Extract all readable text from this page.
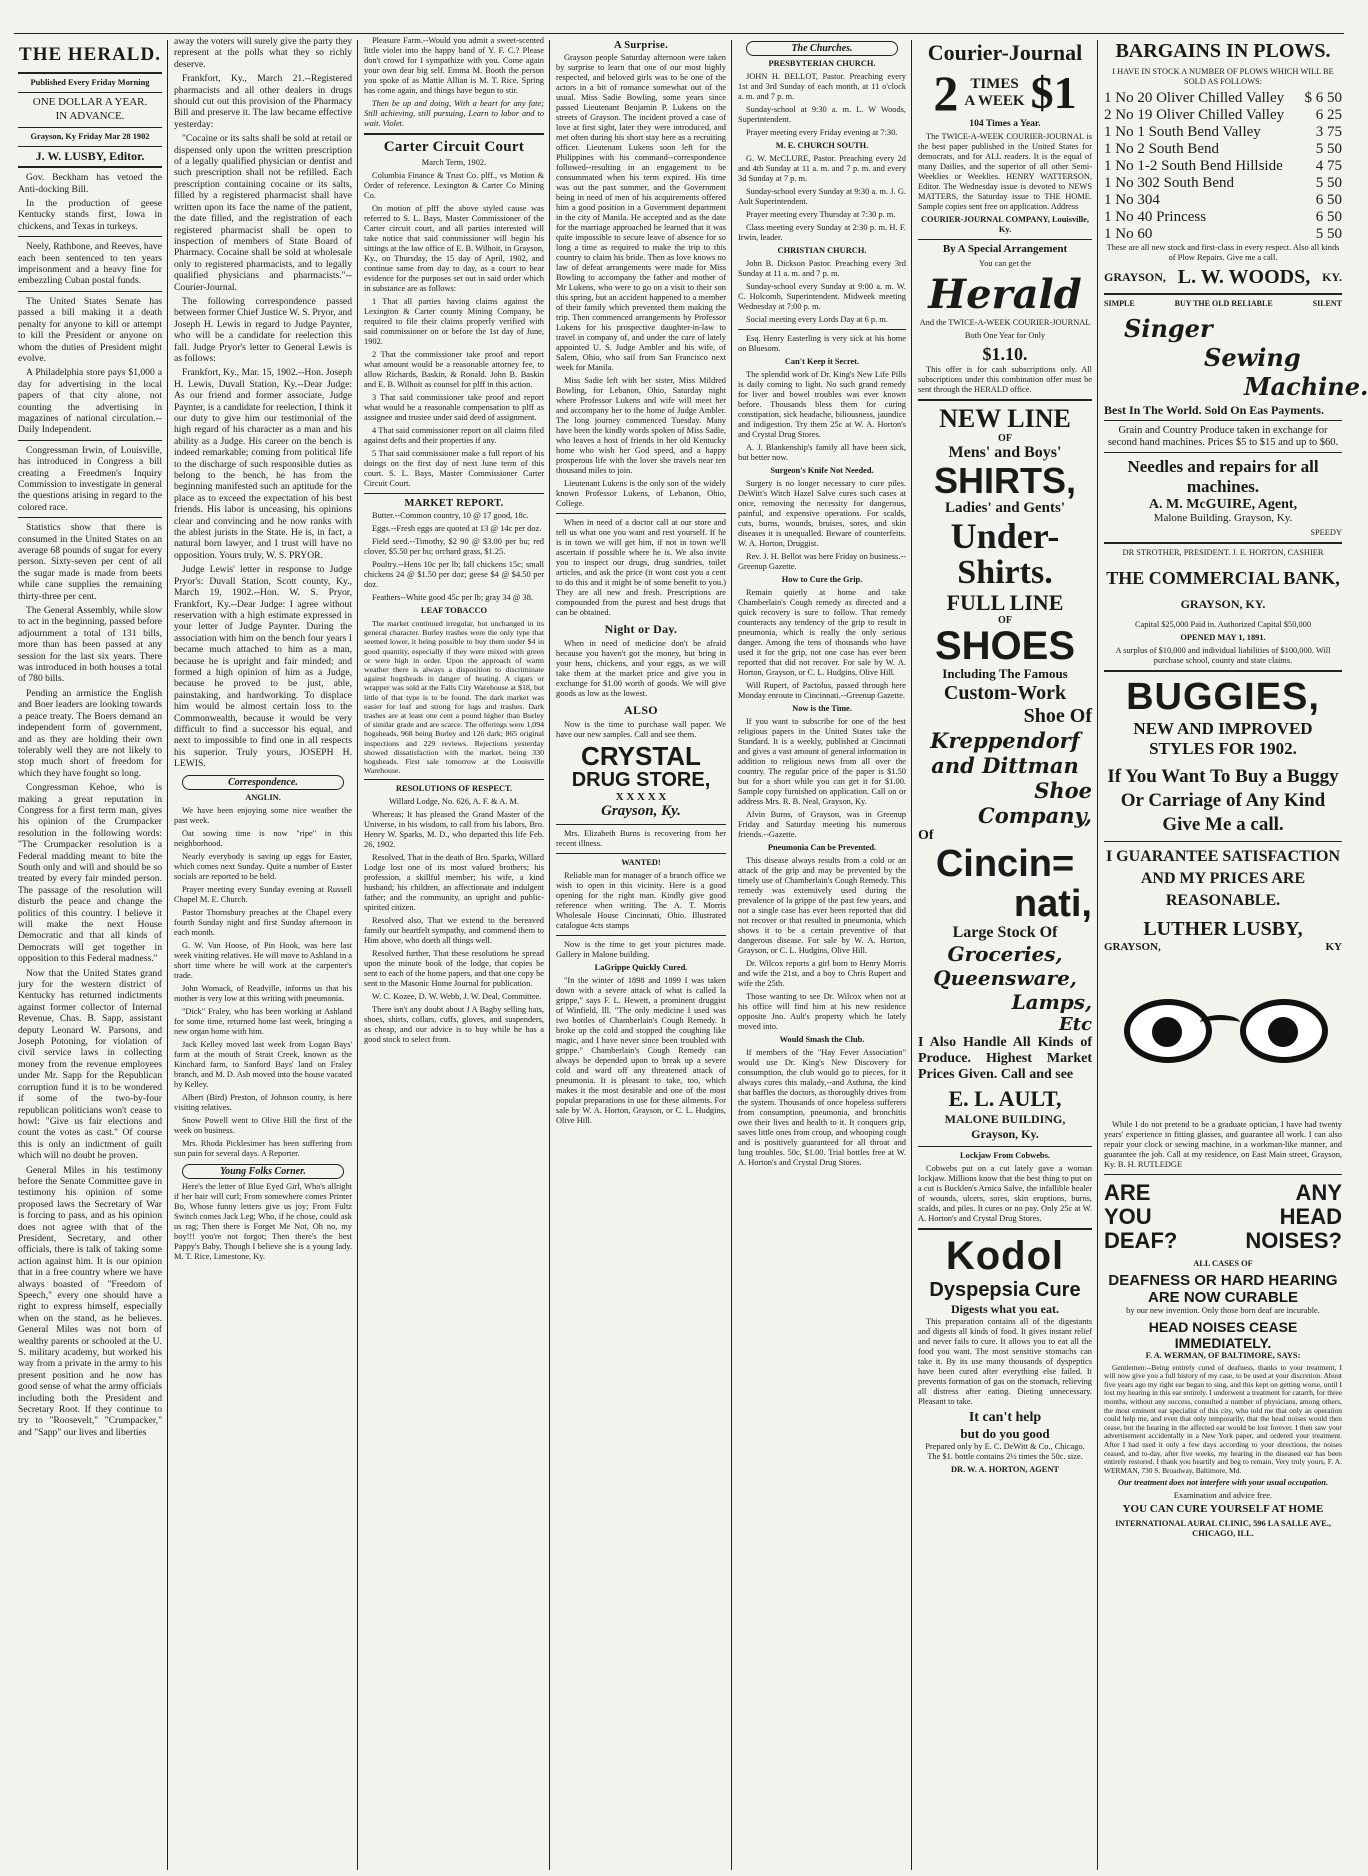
THE HERALD.

Published Every Friday Morning

ONE DOLLAR A YEAR.

IN ADVANCE.

Grayson, Ky Friday Mar 28 1902

J. W. LUSBY, Editor.

Gov. Beckham has vetoed the Anti-docking Bill.

In the production of geese Kentucky stands first, Iowa in chickens, and Texas in turkeys.

Neely, Rathbone, and Reeves, have each been sentenced to ten years imprisonment and a heavy fine for embezzling Cuban postal funds.

The United States Senate has passed a bill making it a death penalty for anyone to kill or attempt to kill the President or anyone on whom the duties of President might evolve.

A Philadelphia store pays $1,000 a day for advertising in the local papers of that city alone, not counting the advertising in magazines of national circulation.--Daily Independent.

Congressman Irwin, of Louisville, has introduced in Congress a bill creating a Freedmen's Inquiry Commission to investigate in general the questions arising in regard to the colored race.

Statistics show that there is consumed in the United States on an average 68 pounds of sugar for every person. Sixty-seven per cent of all the sugar made is made from beets while cane supplies the remaining thirty-three per cent.

The General Assembly, while slow to act in the beginning, passed before adjournment a total of 131 bills, more than has been passed at any session for the last six years. There was introduced in both houses a total of 780 bills.

Pending an armistice the English and Boer leaders are looking towards a peace treaty. The Boers demand an independent form of government, and as they are holding their own tolerably well they are not likely to stop much short of freedom for which they have fought so long.

Congressman Kehoe, who is making a great reputation in Congress for a first term man, gives his opinion of the Crumpacker resolution in the following words: "The Crumpacker resolution is a Federal madding meant to bite the South only and will and should be so treated by every fair minded person. The passage of the resolution will disturb the peace and change the politics of this country. I believe it will make the next House Democratic and that all kinds of Democrats will get together in opposition to this Federal madness."

Now that the United States grand jury for the western district of Kentucky has returned indictments against former collector of Internal Revenue, Chas. B. Sapp, assistant deputy Leonard W. Parsons, and Joseph Potoning, for violation of civil service laws in collecting money from the revenue employees under Mr. Sapp for the Republican corruption fund it is to be wondered if some of the two-by-four republican politicians won't cease to howl: "Give us fair elections and count the votes as cast." Of course this is only an indictment of guilt which will no doubt be proven.

General Miles in his testimony before the Senate Committee gave in testimony his opinion of some proposed laws the Secretary of War is forcing to pass, and as his opinion does not agree with that of the President, Secretary, and other officials, there is talk of taking some action against him. It is our opinion that in a free country where we have always boasted of "Freedom of Speech," every one should have a right to express himself, especially when on the stand, as he believes. General Miles was not born of wealthy parents or schooled at the U. S. military academy, but worked his way from a private in the army to his present position and he now has good sense of what the army officials including both the President and Secretary Root. If they continue to try to "Roosevelt," "Crumpacker," and "Sapp" our lives and liberties

away the voters will surely give the party they represent at the polls what they so richly deserve.

Frankfort, Ky., March 21.--Registered pharmacists and all other dealers in drugs should cut out this provision of the Pharmacy Bill and preserve it. The law became effective yesterday:

"Cocaine or its salts shall be sold at retail or dispensed only upon the written prescription of a legally qualified physician or dentist and such prescription shall not be refilled. Each prescription containing cocaine or its salts, filled by a registered pharmacist shall have written upon its face the name of the patient, the date filled, and the registration of each registered pharmacist shall be open to inspection of members of State Board of Pharmacy. Cocaine shall be sold at wholesale only to registered pharmacists, and to legally qualified physicians and pharmacists."--Courier-Journal.

The following correspondence passed between former Chief Justice W. S. Pryor, and Joseph H. Lewis in regard to Judge Paynter, who will be a candidate for reelection this fall. Judge Pryor's letter to General Lewis is as follows:

Frankfort, Ky., Mar. 15, 1902.--Hon. Joseph H. Lewis, Duvall Station, Ky.--Dear Judge: As our friend and former associate, Judge Paynter, is a candidate for reelection, I think it our duty to give him our testimonial of the high regard of his character as a man and his ability as a Judge. His career on the bench is indeed remarkable; coming from political life to the discharge of such responsible duties as belong to the bench, he has from the beginning manifested such an aptitude for the place as to exceed the expectation of his best friends. His labor is unceasing, his opinions clear and convincing and he now ranks with the ablest jurists in the State. He is, in fact, a natural born lawyer, and I trust will have no opposition. Yours truly, W. S. PRYOR.

Judge Lewis' letter in response to Judge Pryor's: Duvall Station, Scott county, Ky., March 19, 1902.--Hon. W. S. Pryor, Frankfort, Ky.--Dear Judge: I agree without reservation with a high estimate expressed in your letter of Judge Paynter. During the association with him on the bench four years I became much attached to him as a man, because he is upright and fair minded; and formed a high opinion of him as a Judge, because he proved to be just, able, painstaking, and hardworking. To displace him would be almost certain loss to the Commonwealth, because it would be very difficult to find a successor his equal, and next to impossible to find one in all respects his superior. Truly yours, JOSEPH H. LEWIS.

Correspondence.

ANGLIN.

We have been enjoying some nice weather the past week.

Oat sowing time is now "ripe" in this neighborhood.

Nearly everybody is saving up eggs for Easter, which comes next Sunday. Quite a number of Easter socials are reported to be held.

Prayer meeting every Sunday evening at Russell Chapel M. E. Church.

Pastor Thornsbury preaches at the Chapel every fourth Sunday night and first Sunday afternoon in each month.

G. W. Van Hoose, of Pin Hook, was here last week visiting relatives. He will move to Ashland in a short time where he will work at the carpenter's trade.

John Womack, of Readville, informs us that his mother is very low at this writing with pneumonia.

"Dick" Fraley, who has been working at Ashland for some time, returned home last week, bringing a new organ home with him.

Jack Kelley moved last week from Logan Bays' farm at the mouth of Strait Creek, known as the Kinchard farm, to Sanford Bays' land on Fraley branch, and M. D. Ash moved into the house vacated by Kelley.

Albert (Bird) Preston, of Johnson county, is here visiting relatives.

Snow Powell went to Olive Hill the first of the week on business.

Mrs. Rhoda Picklesimer has been suffering from sun pain for several days. A Reporter.

Young Folks Corner.

Here's the letter of Blue Eyed Girl, Who's allright if her hair will curl; From somewhere comes Printer Bo, Whose funny letters give us joy; From Fultz Switch comes Jack Leg; Who, if he chose, could ask us rag; Then there is Forget Me Not, Oh no, my boy!!! you're not forgot; Then there's the best Pappy's Baby, Though I believe she is a young lady. M. T. Rice, Limestone, Ky.

Pleasure Farm.--Would you admit a sweet-scented little violet into the happy band of Y. F. C.? Please don't crowd for I sympathize with you. Come again your own dear big self. Emma M. Booth the person you spoke of as Mattie Allian is M. T. Rice. Spring has come again, and things have begun to stir.

Then be up and doing, With a heart for any fate; Still achieving, still pursuing, Learn to labor and to wait. Violet.

Carter Circuit Court

March Term, 1902.

Columbia Finance & Trust Co. plff., vs Motion & Order of reference. Lexington & Carter Co Mining Co.

On motion of plff the above styled cause was referred to S. L. Bays, Master Commissioner of the Carter circuit court, and all parties interested will take notice that said commissioner will begin his sittings at the law office of E. B. Wilhoit, in Grayson, Ky., on Thursday, the 15 day of April, 1902, and continue same from day to day, as a court to hear evidence for the purposes set out in said order which in substance are as follows:

1 That all parties having claims against the Lexington & Carter county Mining Company, be required to file their claims properly verified with said commissioner on or before the 1st day of June, 1902.

2 That the commissioner take proof and report what amount would be a reasonable attorney fee, to allow Richards, Baskin, & Ronald. John B. Baskin and E. B. Wilhoit as counsel for plff in this action.

3 That said commissioner take proof and report what would be a reasonable compensation to plff as assignee and trustee under said deed of assignment.

4 That said commissioner report on all claims filed against defts and their properties if any.

5 That said commissioner make a full report of his doings on the first day of next June term of this court. S. L. Bays, Master Commissioner Carter Circuit Court.

MARKET REPORT.

Butter.--Common country, 10 @ 17 good, 18c.

Eggs.--Fresh eggs are quoted at 13 @ 14c per doz.

Field seed.--Timothy, $2 90 @ $3.00 per bu; red clover, $5.50 per bu; orchard grass, $1.25.

Poultry.--Hens 10c per lb; fall chickens 15c; small chickens 24 @ $1.50 per doz; geese $4 @ $4.50 per doz.

Feathers--White good 45c per lb; gray 34 @ 38.

LEAF TOBACCO

The market continued irregular, but unchanged in its general character. Burley trashes were the only type that seemed lower, it being possible to buy them under $4 in good quantity, especially if they were mixed with green or were high in order. Upon the approach of warm weather there is always a disposition to discriminate against hogsheads in danger of heating. A cigars or wrapper was sold at the Falls City Warehouse at $18, but little of that type is to be found. The dark market was easier for leaf and strong for lugs and trashes. Dark trashes are at least one cent a pound higher than Burley of similar grade and are scarce. The offerings were 1,094 hogsheads, 968 being Burley and 126 dark; 865 original inspections and 229 reviews. Rejections yesterday showed dissatisfaction with the market, being 330 hogsheads. First sale tomorrow at the Louisville Warehouse.

RESOLUTIONS OF RESPECT.

Willard Lodge, No. 626, A. F. & A. M.

Whereas; It has pleased the Grand Master of the Universe, in his wisdom, to call from his labors, Bro. Henry W. Sparks, M. D., who departed this life Feb. 26, 1902.

Resolved, That in the death of Bro. Sparks, Willard Lodge lost one of its most valued brothers; his profession, a skillful member; his wife, a kind husband; his children, an affectionate and indulgent father; and the community, an upright and public-spirited citizen.

Resolved also, That we extend to the bereaved family our heartfelt sympathy, and commend them to Him above, who doeth all things well.

Resolved further, That these resolutions be spread upon the minute book of the lodge, that copies be sent to each of the home papers, and that one copy be sent to the Masonic Home Journal for publication.

W. C. Kozee, D. W. Webb, J. W. Deal, Committee.

There isn't any doubt about J A Bagby selling hats, shoes, shirts, collars, cuffs, gloves, and suspenders, as cheap, and our advice is to buy while he has a good stock to select from.

A Surprise.

Grayson people Saturday afternoon were taken by surprise to learn that one of our most highly respected, and beloved girls was to be one of the actors in a bit of romance somewhat out of the usual. Miss Sadie Bowling, some years since passed Lieutenant Benjamin P. Lukens on the streets of Grayson. The incident proved a case of love at first sight, later they were introduced, and met often during his short stay here as a recruiting officer. Lieutenant Lukens soon left for the Philippines with his command--correspondence followed--resulting in an engagement to be consummated when his term expired. His time was out the past summer, and the Government being in need of men of his acquirements offered him a good position in a Government department in the city of Manila. He accepted and as the date for the marriage approached he learned that it was quite impossible to secure leave of absence for so long a time as required to make the trip to this country to claim his bride. Then as love knows no law of defeat arrangements were made for Miss Bowling to accompany the father and mother of Mr Lukens, who were to go on a visit to their son this spring, but an accident happened to a member of their family which prevented them making the trip. Then commenced arrangements by Professor Lukens for his prospective daughter-in-law to travel in company of, and under the care of lately appointed U. S. Judge Ambler and his wife, of Salem, Ohio, who sail from San Francisco next week for Manila.

Miss Sadie left with her sister, Miss Mildred Bowling, for Lebanon, Ohio, Saturday night where Professor Lukens and wife will meet her and accompany her to the home of Judge Ambler. The long journey commenced Tuesday. Many have been the kindly words spoken of Miss Sadie, who leaves a host of friends in her old Kentucky home who wish her God speed, and a happy prosperous life with the lover she travels near ten thousand miles to join.

Lieutenant Lukens is the only son of the widely known Professor Lukens, of Lebanon, Ohio, College.

When in need of a doctor call at our store and tell us what one you want and rest yourself. If he is in town we will get him, if not in town we'll ascertain if possible where he is. We also invite you to inspect our drugs, drug sundries, toilet articles, and ask the price (it wont cost you a cent to do this and it might be of some benefit to you.) They are all new and fresh. Prescriptions are compounded from the purest and best drugs that can be obtained.

Night or Day.

When in need of medicine don't be afraid because you haven't got the money, but bring in your hens, chickens, and your eggs, as we will take them at the market price and give you in exchange for $1.00 worth of goods. We will give goods as low as the lowest.

ALSO

Now is the time to purchase wall paper. We have our new samples. Call and see them.

CRYSTAL
DRUG STORE,
X X X X X
Grayson, Ky.

Mrs. Elizabeth Burns is recovering from her recent illness.

WANTED!

Reliable man for manager of a branch office we wish to open in this vicinity. Here is a good opening for the right man. Kindly give good reference when writing. The A. T. Morris Wholesale House Cincinnati, Ohio. Illustrated catalogue 4cts stamps

Now is the time to get your pictures made. Gallery in Malone building.

LaGrippe Quickly Cured.

"In the winter of 1898 and 1899 I was taken down with a severe attack of what is called la grippe," says F. L. Hewett, a prominent druggist of Winfield, Ill. "The only medicine I used was two bottles of Chamberlain's Cough Remedy. It broke up the cold and stopped the coughing like magic, and I have never since been troubled with grippe." Chamberlain's Cough Remedy can always be depended upon to break up a severe cold and ward off any threatened attack of pneumonia. It is pleasant to take, too, which makes it the most desirable and one of the most popular preparations in use for these ailments. For sale by W. A. Horton, Grayson, or C. L. Hudgins, Olive Hill.

The Churches.

PRESBYTERIAN CHURCH.

JOHN H. BELLOT, Pastor. Preaching every 1st and 3rd Sunday of each month, at 11 o'clock a. m. and 7 p. m.

Sunday-school at 9:30 a. m. L. W Woods, Superintendent.

Prayer meeting every Friday evening at 7:30.

M. E. CHURCH SOUTH.

G. W. McCLURE, Pastor. Preaching every 2d and 4th Sunday at 11 a. m. and 7 p. m. and every 3d Sunday at 7 p. m.

Sunday-school every Sunday at 9:30 a. m. J. G. Ault Superintendent.

Prayer meeting every Thursday at 7:30 p. m.

Class meeting every Sunday at 2:30 p. m. H. F. Irwin, leader.

CHRISTIAN CHURCH.

John B. Dickson Pastor. Preaching every 3rd Sunday at 11 a. m. and 7 p. m.

Sunday-school every Sunday at 9:00 a. m. W. C. Holcomb, Superintendent. Midweek meeting Wednesday at 7:00 p. m.

Social meeting every Lords Day at 6 p. m.

Esq. Henry Easterling is very sick at his home on Bluesom.

Can't Keep it Secret.

The splendid work of Dr. King's New Life Pills is daily coming to light. No such grand remedy for liver and bowel troubles was ever known before. Thousands bless them for curing constipation, sick headache, biliousness, jaundice and indigestion. Try them 25c at W. A. Horton's and Crystal Drug Stores.

A. J. Blankenship's family all have been sick, but better now.

Surgeon's Knife Not Needed.

Surgery is no longer necessary to cure piles. DeWitt's Witch Hazel Salve cures such cases at once, removing the necessity for dangerous, painful, and expensive operations. For scalds, cuts, burns, wounds, bruises, sores, and skin diseases it is unequalled. Beware of counterfeits. W. A. Horton, Druggist.

Rev. J. H. Bellot was here Friday on business.--Greenup Gazette.

How to Cure the Grip.

Remain quietly at home and take Chamberlain's Cough remedy as directed and a quick recovery is sure to follow. That remedy counteracts any tendency of the grip to result in pneumonia, which is really the only serious danger. Among the tens of thousands who have used it for the grip, not one case has ever been reported that did not recover. For sale by W. A. Horton, Grayson, or C. L. Hudgins, Olive Hill.

Will Rupert, of Pactolus, passed through here Monday enroute to Cincinnati.--Greenup Gazette.

Now is the Time.

If you want to subscribe for one of the best religious papers in the United States take the Standard. It is a weekly, published at Cincinnati and gives a vast amount of general information in addition to religious news from all over the country. The regular price of the paper is $1.50 but for a short while you can get it for $1.00. Sample copy furnished on application. Call on or address Mrs. R. B. Neal, Grayson, Ky.

Alvin Burns, of Grayson, was in Greenup Friday and Saturday meeting his numerous friends.--Gazette.

Pneumonia Can be Prevented.

This disease always results from a cold or an attack of the grip and may be prevented by the timely use of Chamberlain's Cough Remedy. This remedy was extensively used during the prevalence of la grippe of the past few years, and not a single case has ever been reported that did not recover or that resulted in pneumonia, which shows it to be a certain preventive of that dangerous disease. For sale by W. A. Horton, Grayson, or C. L. Hudgins, Olive Hill.

Dr. Wilcox reports a girl born to Henry Morris and wife the 21st, and a boy to Chris Rupert and wife the 25th.

Those wanting to see Dr. Wilcox when not at his office will find him at his new residence opposite Jno. Ault's property which he lately moved into.

Would Smash the Club.

If members of the "Hay Fever Association" would use Dr. King's New Discovery for consumption, the club would go to pieces, for it always cures this malady,--and Asthma, the kind that baffles the doctors, as thoroughly drives from the system. Thousands of once hopeless sufferers from consumption, pneumonia, and bronchitis owe their lives and health to it. It conquers grip, saves little ones from croup, and whooping cough and is positively guaranteed for all throat and lung troubles. 50c, $1.00. Trial bottles free at W. A. Horton's and Crystal Drug Stores.

Courier-Journal
2 TIMES
A WEEK $1

104 Times a Year.

The TWICE-A-WEEK COURIER-JOURNAL is the best paper published in the United States for democrats, and for ALL readers. It is the equal of many Dailies, and the superior of all other Semi-Weeklies or Weeklies. HENRY WATTERSON, Editor. The Wednesday issue is devoted to NEWS MATTERS, the Saturday issue to THE HOME. Sample copies sent free on application. Address

COURIER-JOURNAL COMPANY, Louisville, Ky.

By A Special Arrangement

You can get the

Herald

And the TWICE-A-WEEK COURIER-JOURNAL

Both One Year for Only

$1.10.

This offer is for cash subscriptions only. All subscriptions under this combination offer must be sent through the HERALD office.

NEW LINE
OF
Mens' and Boys'
SHIRTS,
Ladies' and Gents'
Under-
Shirts.
FULL LINE
OF
SHOES
Including The Famous
Custom-Work
Shoe Of
Kreppendorf
and Dittman
Shoe
Company,
Of
Cincin=
nati,
Large Stock Of
Groceries,
Queensware,
Lamps,
Etc

I Also Handle All Kinds of Produce. Highest Market Prices Given. Call and see

E. L. AULT,
MALONE BUILDING,
Grayson, Ky.

Lockjaw From Cobwebs.

Cobwebs put on a cut lately gave a woman lockjaw. Millions know that the best thing to put on a cut is Bucklen's Arnica Salve, the infallible healer of wounds, ulcers, sores, skin eruptions, burns, scalds, and piles. It cures or no pay. Only 25c at W. A. Horton's and Crystal Drug Stores.

Kodol
Dyspepsia Cure
Digests what you eat.

This preparation contains all of the digestants and digests all kinds of food. It gives instant relief and never fails to cure. It allows you to eat all the food you want. The most sensitive stomachs can take it. By its use many thousands of dyspeptics have been cured after everything else failed. It prevents formation of gas on the stomach, relieving all distress after eating. Dieting unnecessary. Pleasant to take.

It can't help
but do you good

Prepared only by E. C. DeWitt & Co., Chicago. The $1. bottle contains 2½ times the 50c. size.

DR. W. A. HORTON, AGENT

BARGAINS IN PLOWS.

I HAVE IN STOCK A NUMBER OF PLOWS WHICH WILL BE SOLD AS FOLLOWS:

1 No 20 Oliver Chilled Valley $ 6 50
2 No 19 Oliver Chilled Valley 6 25
1 No 1 South Bend Valley	3 75
1 No 2 South Bend	5 50
1 No 1-2 South Bend Hillside 4 75
1 No 302 South Bend	5 50
1 No 304	6 50
1 No 40 Princess	6 50
1 No 60	5 50

These are all new stock and first-class in every respect. Also all kinds of Plow Repairs. Give me a call.

GRAYSON, L. W. WOODS, KY.
SIMPLE	BUY THE OLD RELIABLE	SILENT
Singer
Sewing
Machine.

Best In The World. Sold On Eas Payments.

Grain and Country Produce taken in exchange for second hand machines. Prices $5 to $15 and up to $60.

Needles and repairs for all machines.
A. M. McGUIRE, Agent,

Malone Building. Grayson, Ky.

SPEEDY

DR STROTHER, PRESIDENT. J. E. HORTON, CASHIER

THE COMMERCIAL BANK,
GRAYSON, KY.

Capital $25,000 Paid in. Authorized Capital $50,000

OPENED MAY 1, 1891.

A surplus of $10,000 and individual liabilities of $100,000. Will purchase school, county and state claims.

BUGGIES,
NEW AND IMPROVED STYLES FOR 1902.
If You Want To Buy a Buggy
Or Carriage of Any Kind
Give Me a call.
I GUARANTEE SATISFACTION AND MY PRICES ARE REASONABLE.
LUTHER LUSBY,
GRAYSON,	KY

While I do not pretend to be a graduate optician, I have had twenty years' experience in fitting glasses, and guarantee all work. I can also repair your clock or sewing machine, in a workman-like manner, and guarantee the job. Call at my residence, on East Main street, Grayson, Ky. B. H. RUTLEDGE

ARE YOU DEAF?
ANY HEAD NOISES?

ALL CASES OF

DEAFNESS OR HARD HEARING ARE NOW CURABLE

by our new invention. Only those born deaf are incurable.

HEAD NOISES CEASE IMMEDIATELY.

F. A. WERMAN, OF BALTIMORE, SAYS:

Gentlemen:--Being entirely cured of deafness, thanks to your treatment, I will now give you a full history of my case, to be used at your discretion. About five years ago my right ear began to sing, and this kept on getting worse, until I lost my hearing in this ear entirely. I underwent a treatment for catarrh, for three months, without any success, consulted a number of physicians, among others, the most eminent ear specialist of this city, who told me that only an operation could help me, and even that only temporarily, that the head noises would then cease, but the hearing in the affected ear would be lost forever. I then saw your advertisement accidentally in a New York paper, and ordered your treatment. After I had used it only a few days according to your directions, the noises ceased, and to-day, after five weeks, my hearing in the diseased ear has been entirely restored. I thank you heartily and beg to remain, Very truly yours, F. A. WERMAN, 730 S. Broadway, Baltimore, Md.

Our treatment does not interfere with your usual occupation.

Examination and advice free.

YOU CAN CURE YOURSELF AT HOME

INTERNATIONAL AURAL CLINIC, 596 LA SALLE AVE., CHICAGO, ILL.
